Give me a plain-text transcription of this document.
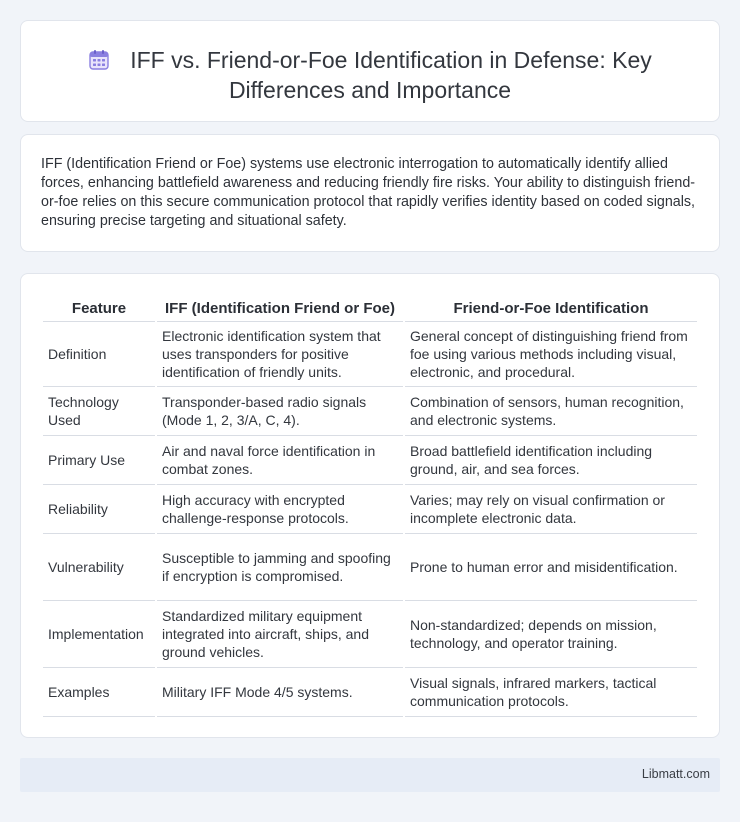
IFF vs. Friend-or-Foe Identification in Defense: Key Differences and Importance

IFF (Identification Friend or Foe) systems use electronic interrogation to automatically identify allied forces, enhancing battlefield awareness and reducing friendly fire risks. Your ability to distinguish friend-or-foe relies on this secure communication protocol that rapidly verifies identity based on coded signals, ensuring precise targeting and situational safety.

Feature	IFF (Identification Friend or Foe)	Friend-or-Foe Identification
Definition	Electronic identification system that uses transponders for positive identification of friendly units.	General concept of distinguishing friend from foe using various methods including visual, electronic, and procedural.
Technology Used	Transponder-based radio signals (Mode 1, 2, 3/A, C, 4).	Combination of sensors, human recognition, and electronic systems.
Primary Use	Air and naval force identification in combat zones.	Broad battlefield identification including ground, air, and sea forces.
Reliability	High accuracy with encrypted challenge-response protocols.	Varies; may rely on visual confirmation or incomplete electronic data.
Vulnerability	Susceptible to jamming and spoofing if encryption is compromised.	Prone to human error and misidentification.
Implementation	Standardized military equipment integrated into aircraft, ships, and ground vehicles.	Non-standardized; depends on mission, technology, and operator training.
Examples	Military IFF Mode 4/5 systems.	Visual signals, infrared markers, tactical communication protocols.
Libmatt.com
